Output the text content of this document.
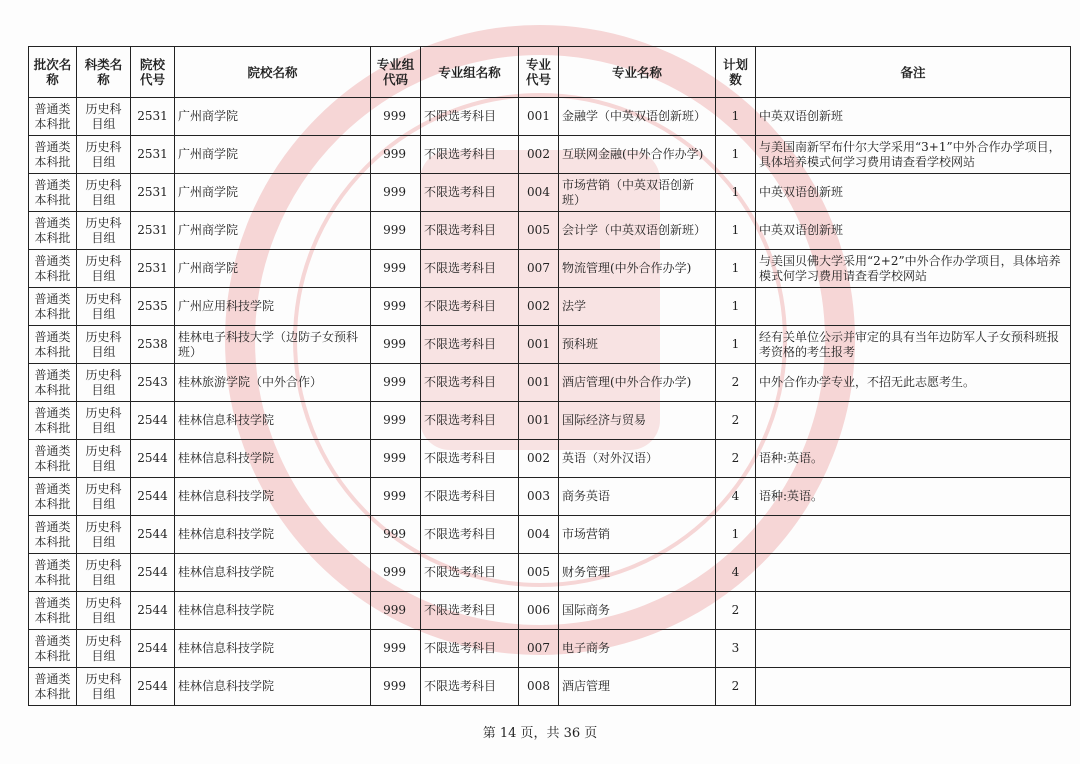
批次名称	科类名称	院校代号	院校名称	专业组代码	专业组名称	专业代号	专业名称	计划数	备注
普通类本科批	历史科目组	2531	广州商学院	999	不限选考科目	001	金融学（中英双语创新班）	1	中英双语创新班
普通类本科批	历史科目组	2531	广州商学院	999	不限选考科目	002	互联网金融(中外合作办学)	1	与美国南新罕布什尔大学采用“3+1”中外合作办学项目，具体培养模式何学习费用请查看学校网站
普通类本科批	历史科目组	2531	广州商学院	999	不限选考科目	004	市场营销（中英双语创新班）	1	中英双语创新班
普通类本科批	历史科目组	2531	广州商学院	999	不限选考科目	005	会计学（中英双语创新班）	1	中英双语创新班
普通类本科批	历史科目组	2531	广州商学院	999	不限选考科目	007	物流管理(中外合作办学)	1	与美国贝佛大学采用“2+2”中外合作办学项目，具体培养模式何学习费用请查看学校网站
普通类本科批	历史科目组	2535	广州应用科技学院	999	不限选考科目	002	法学	1	
普通类本科批	历史科目组	2538	桂林电子科技大学（边防子女预科班）	999	不限选考科目	001	预科班	1	经有关单位公示并审定的具有当年边防军人子女预科班报考资格的考生报考
普通类本科批	历史科目组	2543	桂林旅游学院（中外合作）	999	不限选考科目	001	酒店管理(中外合作办学)	2	中外合作办学专业，不招无此志愿考生。
普通类本科批	历史科目组	2544	桂林信息科技学院	999	不限选考科目	001	国际经济与贸易	2	
普通类本科批	历史科目组	2544	桂林信息科技学院	999	不限选考科目	002	英语（对外汉语）	2	语种:英语。
普通类本科批	历史科目组	2544	桂林信息科技学院	999	不限选考科目	003	商务英语	4	语种:英语。
普通类本科批	历史科目组	2544	桂林信息科技学院	999	不限选考科目	004	市场营销	1	
普通类本科批	历史科目组	2544	桂林信息科技学院	999	不限选考科目	005	财务管理	4	
普通类本科批	历史科目组	2544	桂林信息科技学院	999	不限选考科目	006	国际商务	2	
普通类本科批	历史科目组	2544	桂林信息科技学院	999	不限选考科目	007	电子商务	3	
普通类本科批	历史科目组	2544	桂林信息科技学院	999	不限选考科目	008	酒店管理	2	
第 14 页，共 36 页
